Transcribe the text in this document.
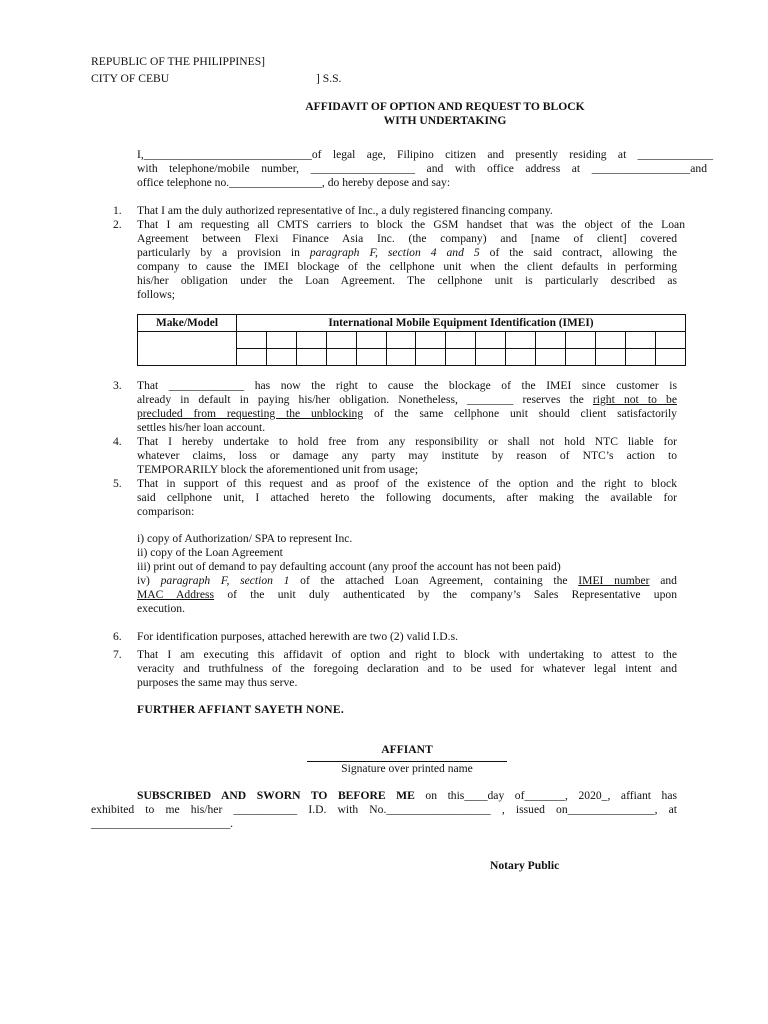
REPUBLIC OF THE PHILIPPINES]
CITY OF CEBU	] S.S.
AFFIDAVIT OF OPTION AND REQUEST TO BLOCK
WITH UNDERTAKING
I,_____________________________of legal age, Filipino citizen and presently residing at _____________
with telephone/mobile number, __________________ and with office address at _________________and
office telephone no.________________, do hereby depose and say:
1. That I am the duly authorized representative of Inc., a duly registered financing company.
2. That I am requesting all CMTS carriers to block the GSM handset that was the object of the Loan
Agreement between Flexi Finance Asia Inc. (the company) and [name of client] covered
particularly by a provision in paragraph F, section 4 and 5 of the said contract, allowing the
company to cause the IMEI blockage of the cellphone unit when the client defaults in performing
his/her obligation under the Loan Agreement. The cellphone unit is particularly described as
follows;
Make/Model	International Mobile Equipment Identification (IMEI)														

3. That _____________ has now the right to cause the blockage of the IMEI since customer is
already in default in paying his/her obligation. Nonetheless, ________ reserves the right not to be
precluded from requesting the unblocking of the same cellphone unit should client satisfactorily
settles his/her loan account.
4. That I hereby undertake to hold free from any responsibility or shall not hold NTC liable for
whatever claims, loss or damage any party may institute by reason of NTC’s action to
TEMPORARILY block the aforementioned unit from usage;
5. That in support of this request and as proof of the existence of the option and the right to block
said cellphone unit, I attached hereto the following documents, after making the available for
comparison:
i) copy of Authorization/ SPA to represent Inc.
ii) copy of the Loan Agreement
iii) print out of demand to pay defaulting account (any proof the account has not been paid)
iv) paragraph F, section 1 of the attached Loan Agreement, containing the IMEI number and
MAC Address of the unit duly authenticated by the company’s Sales Representative upon
execution.
6. For identification purposes, attached herewith are two (2) valid I.D.s.
7. That I am executing this affidavit of option and right to block with undertaking to attest to the
veracity and truthfulness of the foregoing declaration and to be used for whatever legal intent and
purposes the same may thus serve.
FURTHER AFFIANT SAYETH NONE.
AFFIANT
Signature over printed name
SUBSCRIBED AND SWORN TO BEFORE ME on this____day of_______, 2020_, affiant has
exhibited to me his/her ___________ I.D. with No.__________________ , issued on_______________, at
________________________.
Notary Public
